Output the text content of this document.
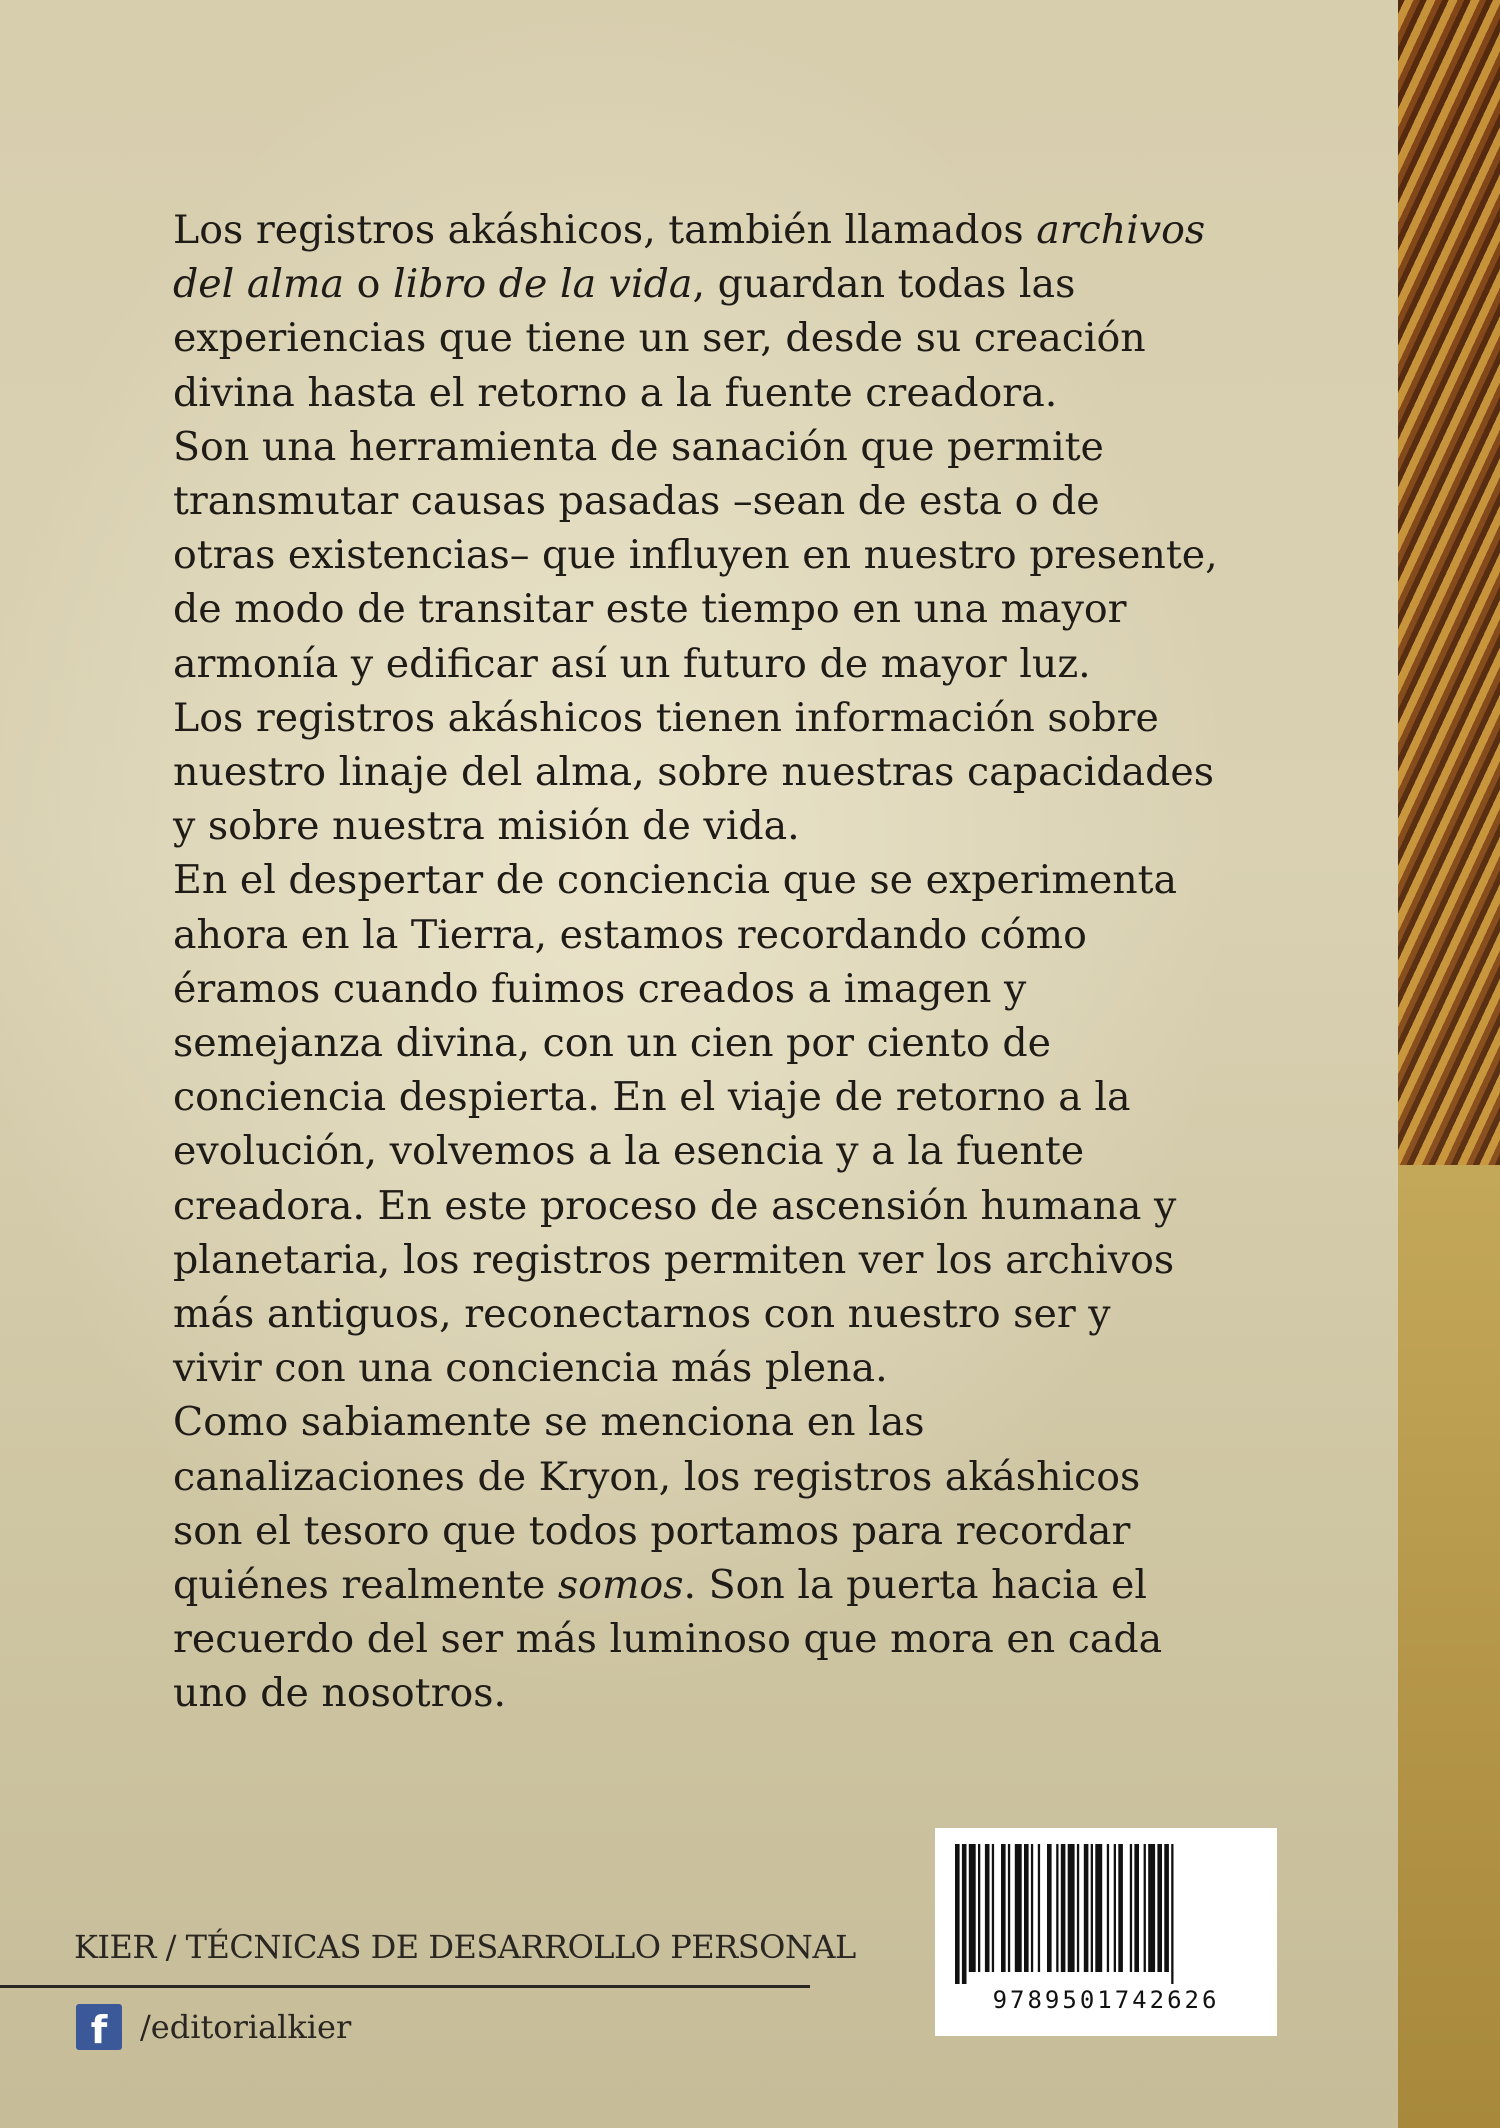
Los registros akáshicos, también llamados archivos
del alma o libro de la vida, guardan todas las
experiencias que tiene un ser, desde su creación
divina hasta el retorno a la fuente creadora.
Son una herramienta de sanación que permite
transmutar causas pasadas –sean de esta o de
otras existencias– que influyen en nuestro presente,
de modo de transitar este tiempo en una mayor
armonía y edificar así un futuro de mayor luz.
Los registros akáshicos tienen información sobre
nuestro linaje del alma, sobre nuestras capacidades
y sobre nuestra misión de vida.
En el despertar de conciencia que se experimenta
ahora en la Tierra, estamos recordando cómo
éramos cuando fuimos creados a imagen y
semejanza divina, con un cien por ciento de
conciencia despierta. En el viaje de retorno a la
evolución, volvemos a la esencia y a la fuente
creadora. En este proceso de ascensión humana y
planetaria, los registros permiten ver los archivos
más antiguos, reconectarnos con nuestro ser y
vivir con una conciencia más plena.
Como sabiamente se menciona en las
canalizaciones de Kryon, los registros akáshicos
son el tesoro que todos portamos para recordar
quiénes realmente somos. Son la puerta hacia el
recuerdo del ser más luminoso que mora en cada
uno de nosotros.

KIER / TÉCNICAS DE DESARROLLO PERSONAL
f	/editorialkier
9789501742626
